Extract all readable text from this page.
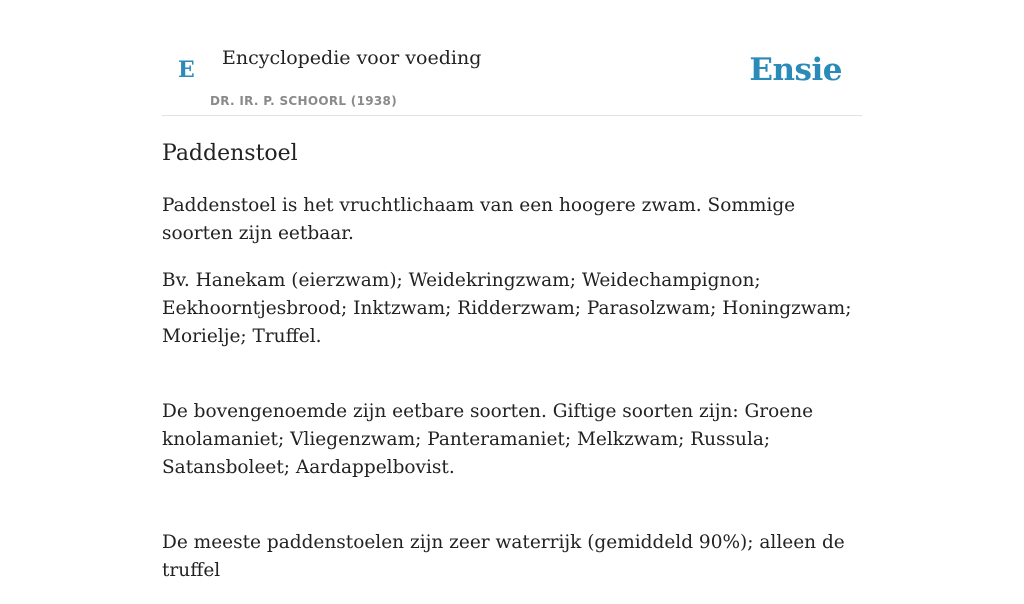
E Encyclopedie voor voeding
DR. IR. P. SCHOORL (1938)
Ensie
Paddenstoel

Paddenstoel is het vruchtlichaam van een hoogere zwam. Sommige soorten zijn eetbaar.

Bv. Hanekam (eierzwam); Weidekringzwam; Weidechampignon; Eekhoorntjesbrood; Inktzwam; Ridderzwam; Parasolzwam; Honingzwam; Morielje; Truffel.

De bovengenoemde zijn eetbare soorten. Giftige soorten zijn: Groene knolamaniet; Vliegenzwam; Panteramaniet; Melkzwam; Russula; Satansboleet; Aardappelbovist.

De meeste paddenstoelen zijn zeer waterrijk (gemiddeld 90%); alleen de truffel
